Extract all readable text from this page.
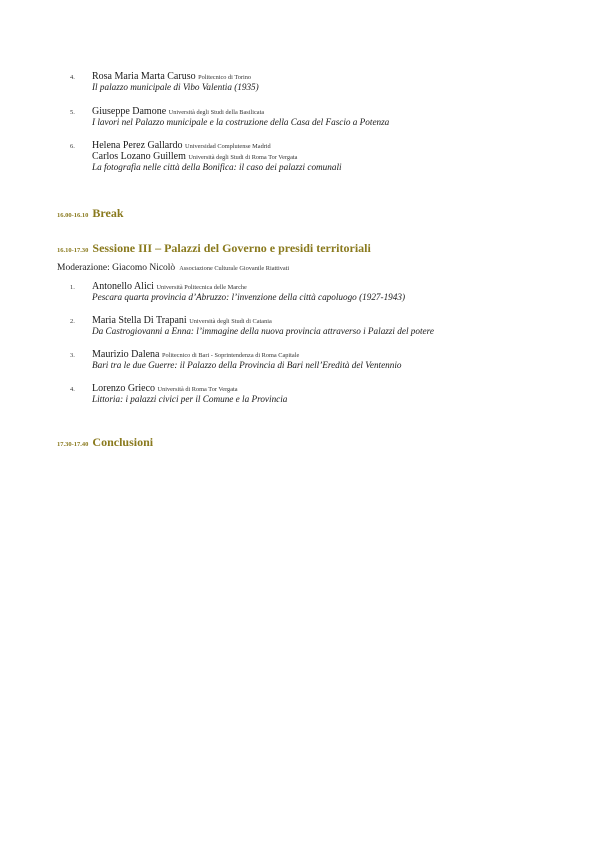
4.	Rosa Maria Marta Caruso Politecnico di Torino
Il palazzo municipale di Vibo Valentia (1935)
5.	Giuseppe Damone Università degli Studi della Basilicata
I lavori nel Palazzo municipale e la costruzione della Casa del Fascio a Potenza
6.	Helena Perez Gallardo Universidad Complutense Madrid
Carlos Lozano Guillem Università degli Studi di Roma Tor Vergata
La fotografia nelle città della Bonifica: il caso dei palazzi comunali
16.00-16.10 Break
16.10-17.30 Sessione III – Palazzi del Governo e presidi territoriali
Moderazione: Giacomo Nicolò Associazione Culturale Giovanile Riattivati
1.	Antonello Alici Università Politecnica delle Marche
Pescara quarta provincia d’Abruzzo: l’invenzione della città capoluogo (1927-1943)
2.	Maria Stella Di Trapani Università degli Studi di Catania
Da Castrogiovanni a Enna: l’immagine della nuova provincia attraverso i Palazzi del potere
3.	Maurizio Dalena Politecnico di Bari - Soprintendenza di Roma Capitale
Bari tra le due Guerre: il Palazzo della Provincia di Bari nell’Eredità del Ventennio
4.	Lorenzo Grieco Università di Roma Tor Vergata
Littoria: i palazzi civici per il Comune e la Provincia
17.30-17.40 Conclusioni
